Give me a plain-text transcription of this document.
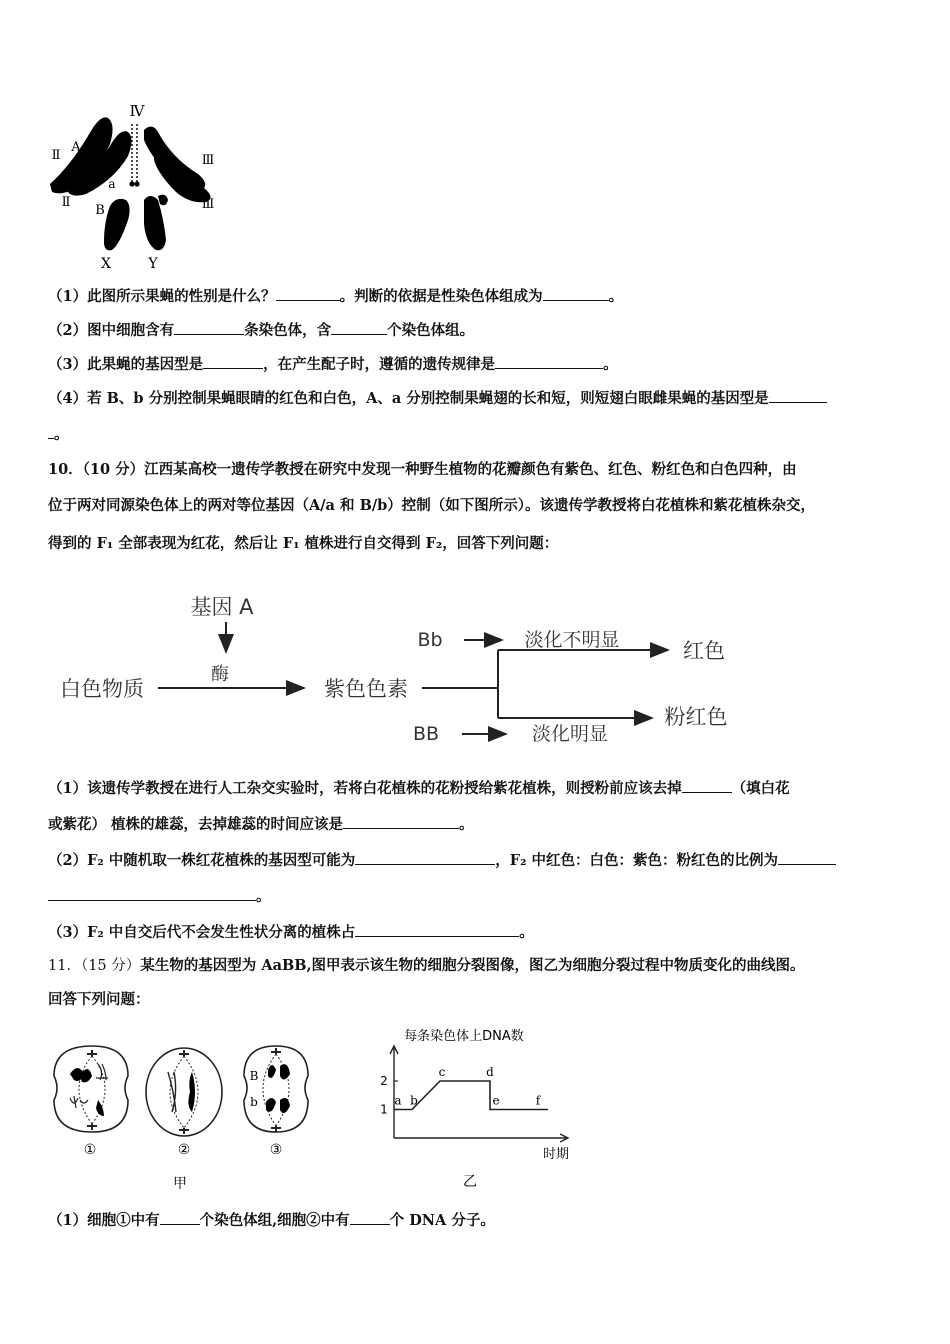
Ⅳ
Ⅱ
A
Ⅲ
a
Ⅱ
B	Ⅲ
X	Y
（1）此图所示果蝇的性别是什么？	。判断的依据是性染色体组成为	。
（2）图中细胞含有	条染色体，含	个染色体组。
（3）此果蝇的基因型是	，在产生配子时，遵循的遗传规律是	。
（4）若 B、b 分别控制果蝇眼睛的红色和白色，A、a 分别控制果蝇翅的长和短，则短翅白眼雌果蝇的基因型是
。
10．（10 分）江西某高校一遗传学教授在研究中发现一种野生植物的花瓣颜色有紫色、红色、粉红色和白色四种，由
位于两对同源染色体上的两对等位基因（A/a 和 B/b）控制（如下图所示）。该遗传学教授将白花植株和紫花植株杂交，
得到的 F₁ 全部表现为红花，然后让 F₁ 植株进行自交得到 F₂，回答下列问题：
基因 A
酶
白色物质	紫色色素
Bb	淡化不明显	红色
BB	淡化明显
粉红色
（1）该遗传学教授在进行人工杂交实验时，若将白花植株的花粉授给紫花植株，则授粉前应该去掉	（填白花
或紫花） 植株的雄蕊，去掉雄蕊的时间应该是	。
（2）F₂ 中随机取一株红花植株的基因型可能为	，F₂ 中红色：白色：紫色：粉红色的比例为
。
（3）F₂ 中自交后代不会发生性状分离的植株占	。
11．（15 分）某生物的基因型为 AaBB,图甲表示该生物的细胞分裂图像，图乙为细胞分裂过程中物质变化的曲线图。
回答下列问题：
①	②
B
b
③
甲
每条染色体上DNA数
时期
1
2
a b
c	d
e	f
乙
（1）细胞①中有	个染色体组,细胞②中有	个 DNA 分子。
